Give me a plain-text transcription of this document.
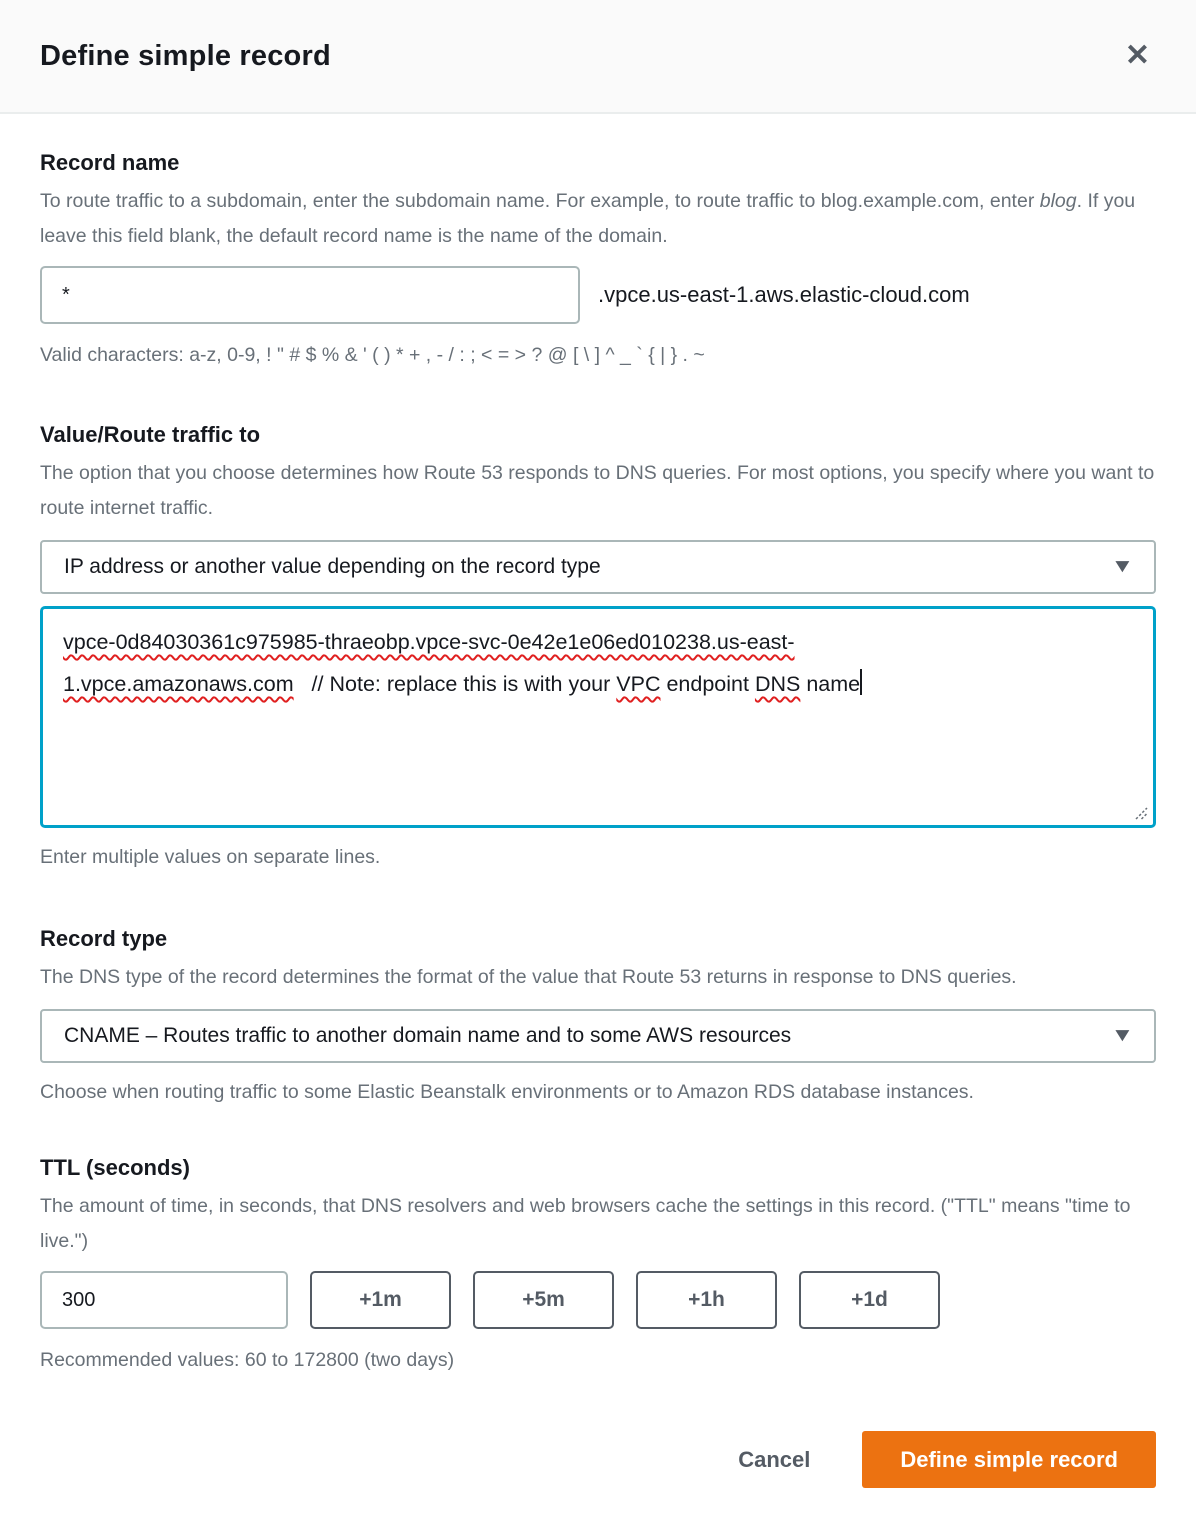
Define simple record	✕
Record name

To route traffic to a subdomain, enter the subdomain name. For example, to route traffic to blog.example.com, enter blog. If you leave this field blank, the default record name is the name of the domain.

*
.vpce.us-east-1.aws.elastic-cloud.com

Valid characters: a-z, 0-9, ! " # $ % & ' ( ) * + , - / : ; < = > ? @ [ \ ] ^ _ ` { | } . ~

Value/Route traffic to

The option that you choose determines how Route 53 responds to DNS queries. For most options, you specify where you want to route internet traffic.

IP address or another value depending on the record type	▼
vpce-0d84030361c975985-thraeobp.vpce-svc-0e42e1e06ed010238.us-east-
1.vpce.amazonaws.com   // Note: replace this is with your VPC endpoint DNS name

Enter multiple values on separate lines.

Record type

The DNS type of the record determines the format of the value that Route 53 returns in response to DNS queries.

CNAME – Routes traffic to another domain name and to some AWS resources	▼

Choose when routing traffic to some Elastic Beanstalk environments or to Amazon RDS database instances.

TTL (seconds)

The amount of time, in seconds, that DNS resolvers and web browsers cache the settings in this record. ("TTL" means "time to live.")

300
+1m	+5m	+1h	+1d

Recommended values: 60 to 172800 (two days)

Cancel	Define simple record
